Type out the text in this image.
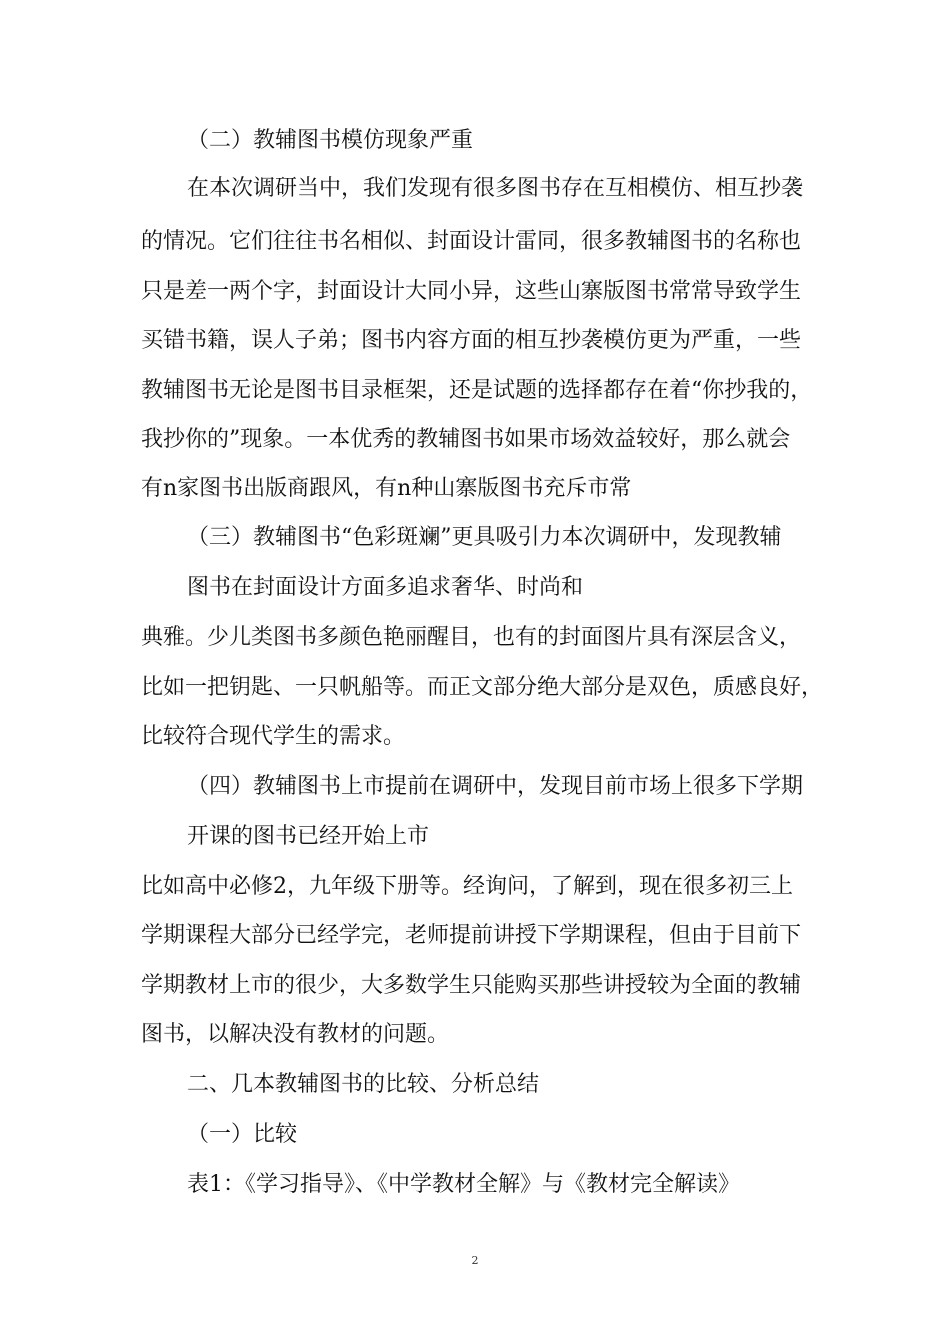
（二）教辅图书模仿现象严重
在本次调研当中，我们发现有很多图书存在互相模仿、相互抄袭
的情况。它们往往书名相似、封面设计雷同，很多教辅图书的名称也
只是差一两个字，封面设计大同小异，这些山寨版图书常常导致学生
买错书籍，误人子弟；图书内容方面的相互抄袭模仿更为严重，一些
教辅图书无论是图书目录框架，还是试题的选择都存在着“你抄我的，
我抄你的”现象。一本优秀的教辅图书如果市场效益较好，那么就会
有n家图书出版商跟风，有n种山寨版图书充斥市常
（三）教辅图书“色彩斑斓”更具吸引力本次调研中，发现教辅
图书在封面设计方面多追求奢华、时尚和
典雅。少儿类图书多颜色艳丽醒目，也有的封面图片具有深层含义，
比如一把钥匙、一只帆船等。而正文部分绝大部分是双色，质感良好，
比较符合现代学生的需求。
（四）教辅图书上市提前在调研中，发现目前市场上很多下学期
开课的图书已经开始上市
比如高中必修2，九年级下册等。经询问，了解到，现在很多初三上
学期课程大部分已经学完，老师提前讲授下学期课程，但由于目前下
学期教材上市的很少，大多数学生只能购买那些讲授较为全面的教辅
图书，以解决没有教材的问题。
二、几本教辅图书的比较、分析总结
（一）比较
表1：《学习指导》、《中学教材全解》与《教材完全解读》
2
